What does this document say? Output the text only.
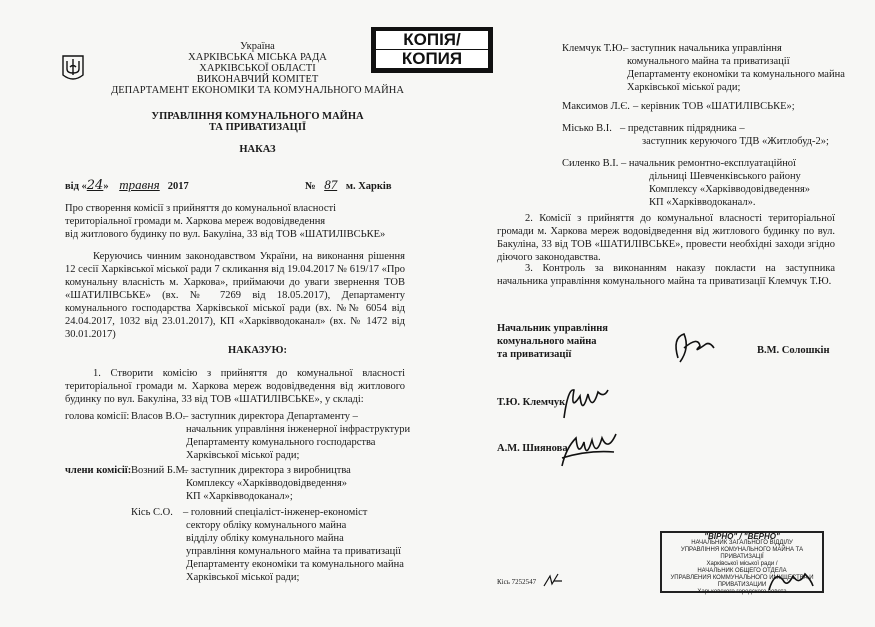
Україна
ХАРКІВСЬКА МІСЬКА РАДА
ХАРКІВСЬКОЇ ОБЛАСТІ
ВИКОНАВЧИЙ КОМІТЕТ
ДЕПАРТАМЕНТ ЕКОНОМІКИ ТА КОМУНАЛЬНОГО МАЙНА
КОПІЯ/
КОПИЯ
УПРАВЛІННЯ КОМУНАЛЬНОГО МАЙНА
ТА ПРИВАТИЗАЦІЇ
НАКАЗ
від «24» травня 2017	№ 87 м. Харків
Про створення комісії з прийняття до комунальної власності
територіальної громади м. Харкова мереж водовідведення
від житлового будинку по вул. Бакуліна, 33 від ТОВ «ШАТИЛІВСЬКЕ»
Керуючись чинним законодавством України, на виконання рішення 12 сесії Харківської міської ради 7 скликання від 19.04.2017 № 619/17 «Про комунальну власність м. Харкова», приймаючи до уваги звернення ТОВ «ШАТИЛІВСЬКЕ» (вх. № 7269 від 18.05.2017), Департаменту комунального господарства Харківської міської ради (вх. №№ 6054 від 24.04.2017, 1032 від 23.01.2017), КП «Харківводоканал» (вх. № 1472 від 30.01.2017)
НАКАЗУЮ:
1. Створити комісію з прийняття до комунальної власності територіальної громади м. Харкова мереж водовідведення від житлового будинку по вул. Бакуліна, 33 від ТОВ «ШАТИЛІВСЬКЕ», у складі:
голова комісії: Власов В.О.
– заступник директора Департаменту –
начальник управління інженерної інфраструктури
Департаменту комунального господарства
Харківської міської ради;
члени комісії: Возний Б.М.
– заступник директора з виробництва
Комплексу «Харківводовідведення»
КП «Харківводоканал»;
Кісь С.О. – головний спеціаліст-інженер-економіст
сектору обліку комунального майна
відділу обліку комунального майна
управління комунального майна та приватизації
Департаменту економіки та комунального майна
Харківської міської ради;
Клемчук Т.Ю.
– заступник начальника управління
комунального майна та приватизації
Департаменту економіки та комунального майна
Харківської міської ради;
Максимов Л.Є. – керівник ТОВ «ШАТИЛІВСЬКЕ»;
Місько В.І. – представник підрядника –
заступник керуючого ТДВ «Житлобуд-2»;
Силенко В.І. – начальник ремонтно-експлуатаційної
дільниці Шевченківського району
Комплексу «Харківводовідведення»
КП «Харківводоканал».
2. Комісії з прийняття до комунальної власності територіальної громади м. Харкова мереж водовідведення від житлового будинку по вул. Бакуліна, 33 від ТОВ «ШАТИЛІВСЬКЕ», провести необхідні заходи згідно діючого законодавства.
3. Контроль за виконанням наказу покласти на заступника начальника управління комунального майна та приватизації Клемчук Т.Ю.
Начальник управління
комунального майна
та приватизації	В.М. Солошкін
Т.Ю. Клемчук
А.М. Шиянова
Кісь 7252547
"ВІРНО" / "ВЕРНО"
НАЧАЛЬНИК ЗАГАЛЬНОГО ВІДДІЛУ
УПРАВЛІННЯ КОМУНАЛЬНОГО МАЙНА ТА ПРИВАТИЗАЦІЇ
Харківської міської ради /
НАЧАЛЬНИК ОБЩЕГО ОТДЕЛА
УПРАВЛЕНИЯ КОММУНАЛЬНОГО ИМУЩЕСТВА И ПРИВАТИЗАЦИИ
Харьковского городского совета
